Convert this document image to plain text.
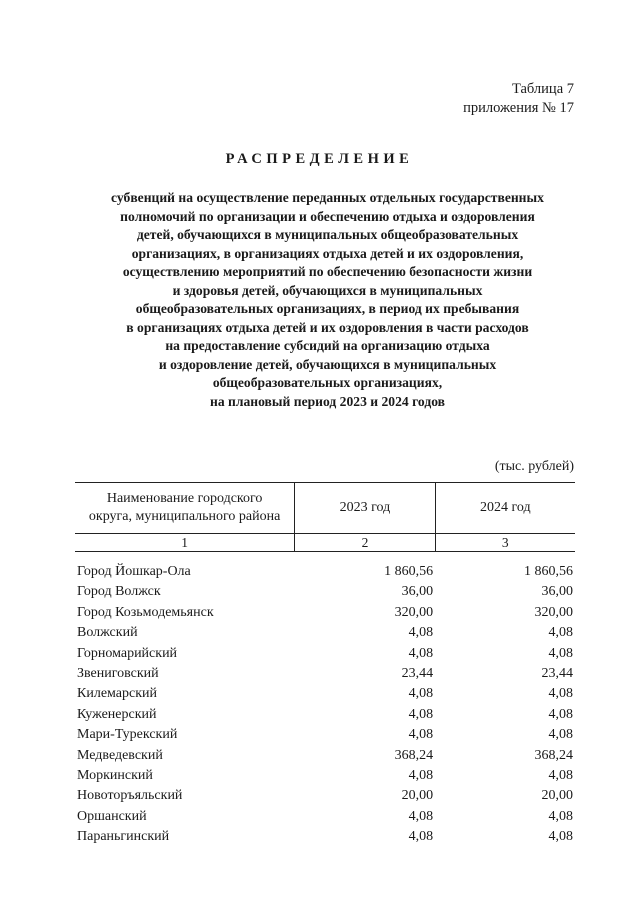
Таблица 7
приложения № 17
РАСПРЕДЕЛЕНИЕ
субвенций на осуществление переданных отдельных государственных
полномочий по организации и обеспечению отдыха и оздоровления
детей, обучающихся в муниципальных общеобразовательных
организациях, в организациях отдыха детей и их оздоровления,
осуществлению мероприятий по обеспечению безопасности жизни
и здоровья детей, обучающихся в муниципальных
общеобразовательных организациях, в период их пребывания
в организациях отдыха детей и их оздоровления в части расходов
на предоставление субсидий на организацию отдыха
и оздоровление детей, обучающихся в муниципальных
общеобразовательных организациях,
на плановый период 2023 и 2024 годов
(тыс. рублей)
Наименование городского
округа, муниципального района	2023 год	2024 год
1	2	3

Город Йошкар-Ола	1 860,56	1 860,56
Город Волжск	36,00	36,00
Город Козьмодемьянск	320,00	320,00
Волжский	4,08	4,08
Горномарийский	4,08	4,08
Звениговский	23,44	23,44
Килемарский	4,08	4,08
Куженерский	4,08	4,08
Мари-Турекский	4,08	4,08
Медведевский	368,24	368,24
Моркинский	4,08	4,08
Новоторъяльский	20,00	20,00
Оршанский	4,08	4,08
Параньгинский	4,08	4,08
